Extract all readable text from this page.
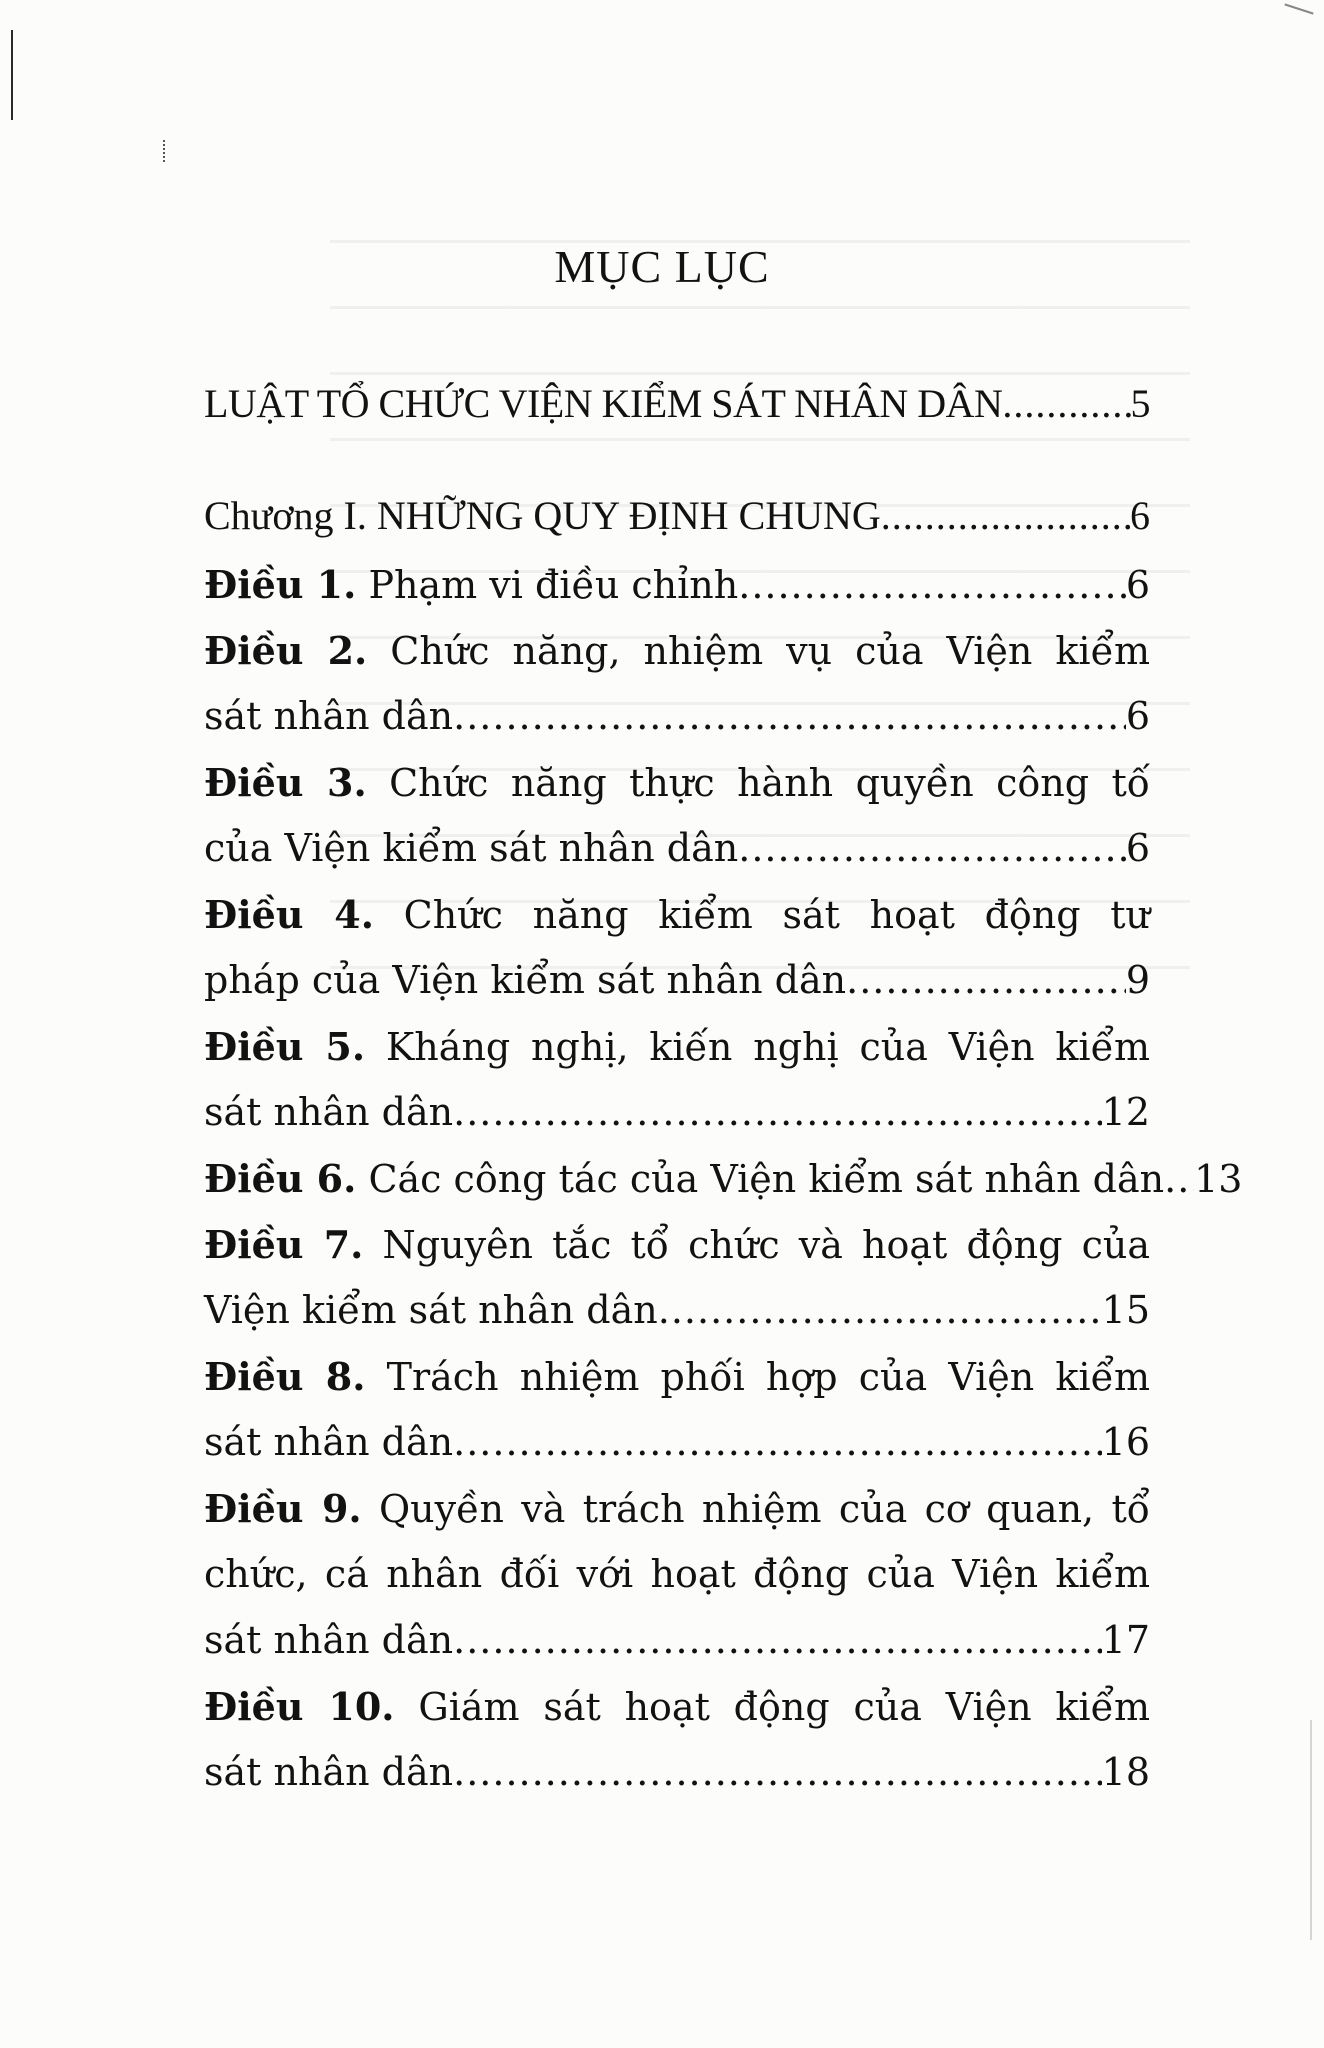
MỤC LỤC
LUẬT TỔ CHỨC VIỆN KIỂM SÁT NHÂN DÂN .....	5
Chương I. NHỮNG QUY ĐỊNH CHUNG .....	6
Điều 1. Phạm vi điều chỉnh .....	6
Điều 2. Chức năng, nhiệm vụ của Viện kiểm
sát nhân dân .....	6
Điều 3. Chức năng thực hành quyền công tố
của Viện kiểm sát nhân dân .....	6
Điều 4. Chức năng kiểm sát hoạt động tư
pháp của Viện kiểm sát nhân dân .....	9
Điều 5. Kháng nghị, kiến nghị của Viện kiểm
sát nhân dân .....	12
Điều 6. Các công tác của Viện kiểm sát nhân dân ..... 13
Điều 7. Nguyên tắc tổ chức và hoạt động của
Viện kiểm sát nhân dân .....	15
Điều 8. Trách nhiệm phối hợp của Viện kiểm
sát nhân dân .....	16
Điều 9. Quyền và trách nhiệm của cơ quan, tổ
chức, cá nhân đối với hoạt động của Viện kiểm
sát nhân dân .....	17
Điều 10. Giám sát hoạt động của Viện kiểm
sát nhân dân .....	18
